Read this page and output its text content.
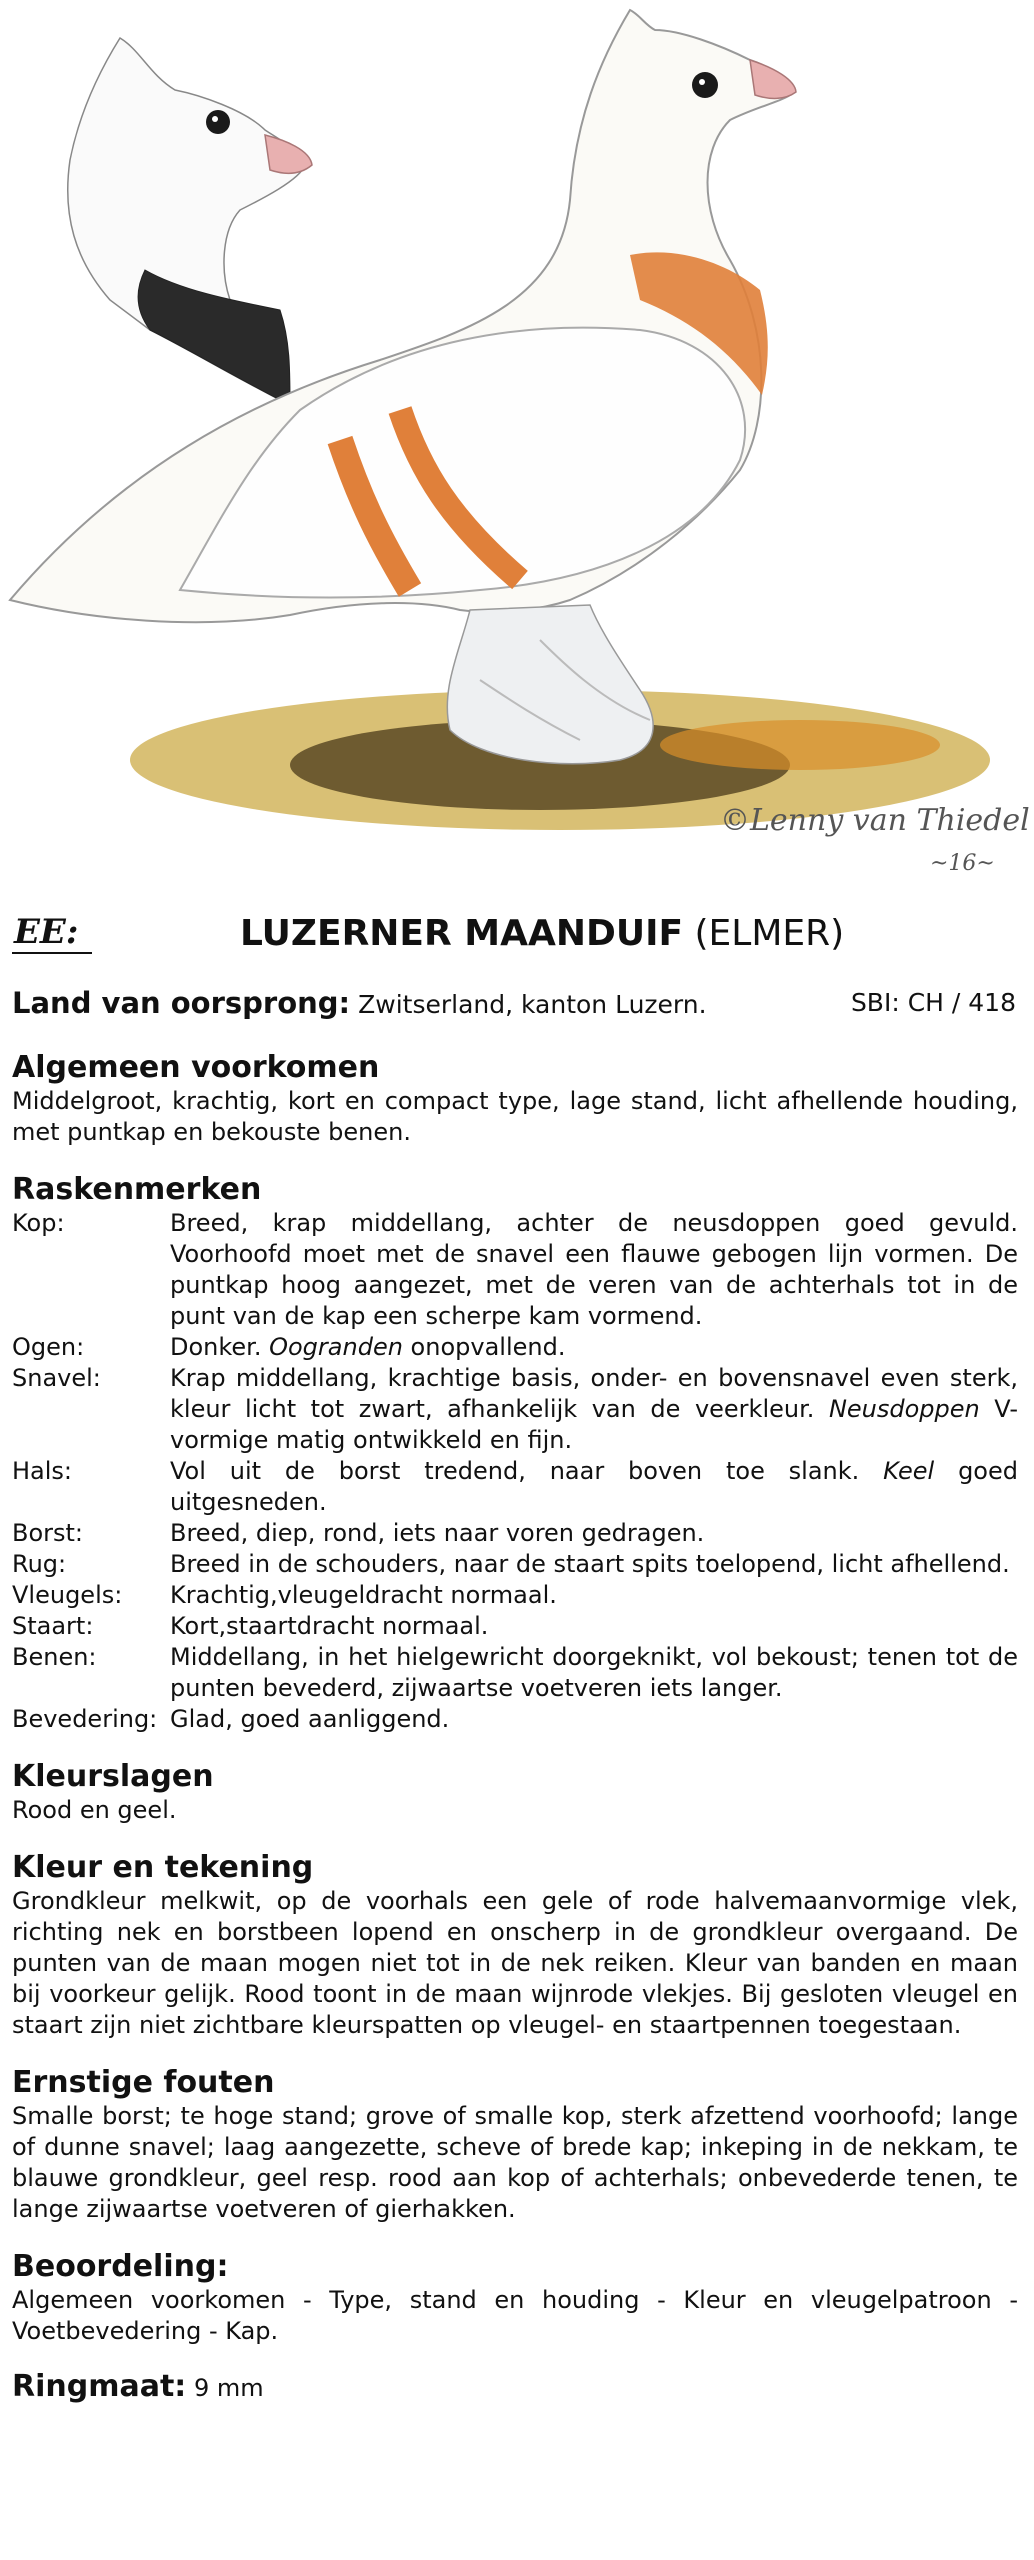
©Lenny van Thiedel
~16~
EE:	LUZERNER MAANDUIF (ELMER)
Land van oorsprong: Zwitserland, kanton Luzern.	SBI: CH / 418

Algemeen voorkomen

Middelgroot, krachtig, kort en compact type, lage stand, licht afhellende houding, met puntkap en bekouste benen.

Raskenmerken

Kop:	Breed, krap middellang, achter de neusdoppen goed gevuld. Voorhoofd moet met de snavel een flauwe gebogen lijn vormen. De puntkap hoog aangezet, met de veren van de achterhals tot in de punt van de kap een scherpe kam vormend.
Ogen:	Donker. Oogranden onopvallend.
Snavel:	Krap middellang, krachtige basis, onder- en bovensnavel even sterk, kleur licht tot zwart, afhankelijk van de veerkleur. Neusdoppen V-vormige matig ontwikkeld en fijn.
Hals:	Vol uit de borst tredend, naar boven toe slank. Keel goed uitgesneden.
Borst:	Breed, diep, rond, iets naar voren gedragen.
Rug:	Breed in de schouders, naar de staart spits toelopend, licht afhellend.
Vleugels:	Krachtig,vleugeldracht normaal.
Staart:	Kort,staartdracht normaal.
Benen:	Middellang, in het hielgewricht doorgeknikt, vol bekoust; tenen tot de punten bevederd, zijwaartse voetveren iets langer.
Bevedering:	Glad, goed aanliggend.

Kleurslagen

Rood en geel.

Kleur en tekening

Grondkleur melkwit, op de voorhals een gele of rode halvemaanvormige vlek, richting nek en borstbeen lopend en onscherp in de grondkleur overgaand. De punten van de maan mogen niet tot in de nek reiken. Kleur van banden en maan bij voorkeur gelijk. Rood toont in de maan wijnrode vlekjes. Bij gesloten vleugel en staart zijn niet zichtbare kleurspatten op vleugel- en staartpennen toegestaan.

Ernstige fouten

Smalle borst; te hoge stand; grove of smalle kop, sterk afzettend voorhoofd; lange of dunne snavel; laag aangezette, scheve of brede kap; inkeping in de nekkam, te blauwe grondkleur, geel resp. rood aan kop of achterhals; onbevederde tenen, te lange zijwaartse voetveren of gierhakken.

Beoordeling:

Algemeen voorkomen - Type, stand en houding - Kleur en vleugelpatroon - Voetbevedering - Kap.

Ringmaat: 9 mm
